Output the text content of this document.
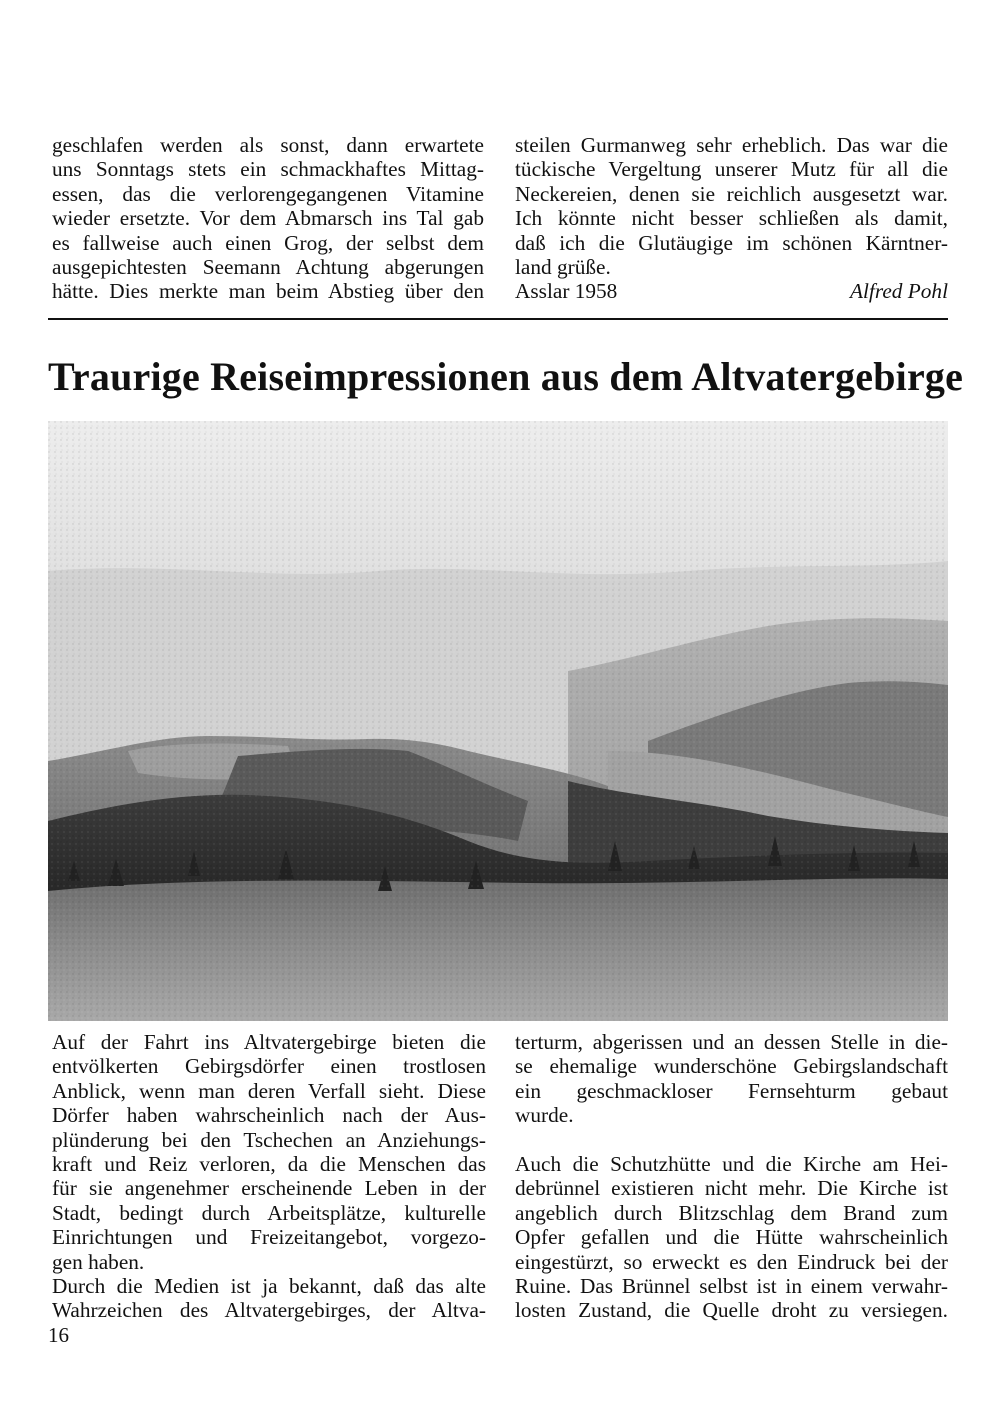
geschlafen werden als sonst, dann erwartete
uns Sonntags stets ein schmackhaftes Mittag-
essen, das die verlorengegangenen Vitamine
wieder ersetzte. Vor dem Abmarsch ins Tal gab
es fallweise auch einen Grog, der selbst dem
ausgepichtesten Seemann Achtung abgerungen
hätte. Dies merkte man beim Abstieg über den
steilen Gurmanweg sehr erheblich. Das war die
tückische Vergeltung unserer Mutz für all die
Neckereien, denen sie reichlich ausgesetzt war.
Ich könnte nicht besser schließen als damit,
daß ich die Glutäugige im schönen Kärntner-
land grüße.
Asslar 1958	Alfred Pohl
Traurige Reiseimpressionen aus dem Altvatergebirge
Auf der Fahrt ins Altvatergebirge bieten die
entvölkerten Gebirgsdörfer einen trostlosen
Anblick, wenn man deren Verfall sieht. Diese
Dörfer haben wahrscheinlich nach der Aus-
plünderung bei den Tschechen an Anziehungs-
kraft und Reiz verloren, da die Menschen das
für sie angenehmer erscheinende Leben in der
Stadt, bedingt durch Arbeitsplätze, kulturelle
Einrichtungen und Freizeitangebot, vorgezo-
gen haben.
Durch die Medien ist ja bekannt, daß das alte
Wahrzeichen des Altvatergebirges, der Altva-
terturm, abgerissen und an dessen Stelle in die-
se ehemalige wunderschöne Gebirgslandschaft
ein geschmackloser Fernsehturm gebaut
wurde.
Auch die Schutzhütte und die Kirche am Hei-
debrünnel existieren nicht mehr. Die Kirche ist
angeblich durch Blitzschlag dem Brand zum
Opfer gefallen und die Hütte wahrscheinlich
eingestürzt, so erweckt es den Eindruck bei der
Ruine. Das Brünnel selbst ist in einem verwahr-
losten Zustand, die Quelle droht zu versiegen.
16
